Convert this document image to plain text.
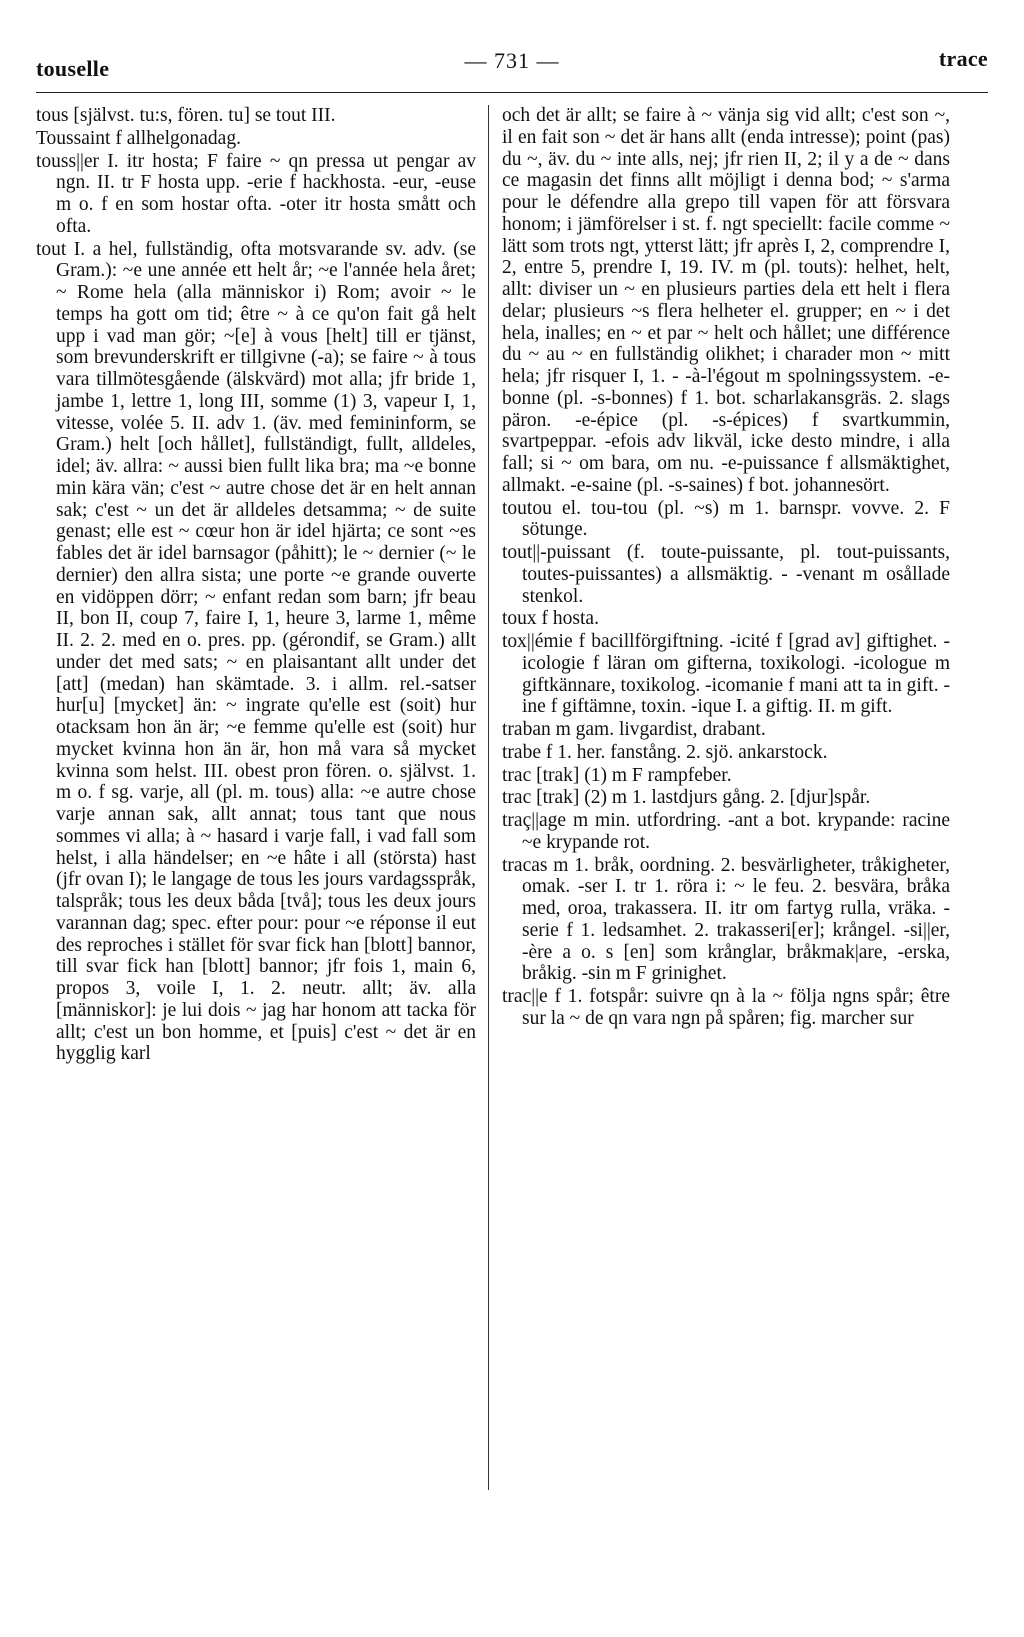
touselle	— 731 —	trace

tous [självst. tu:s, fören. tu] se tout III.

Toussaint f allhelgonadag.

touss||er I. itr hosta; F faire ~ qn pressa ut pengar av ngn. II. tr F hosta upp. -erie f hackhosta. -eur, -euse m o. f en som hostar ofta. -oter itr hosta smått och ofta.

tout I. a hel, fullständig, ofta motsvarande sv. adv. (se Gram.): ~e une année ett helt år; ~e l'année hela året; ~ Rome hela (alla människor i) Rom; avoir ~ le temps ha gott om tid; être ~ à ce qu'on fait gå helt upp i vad man gör; ~[e] à vous [helt] till er tjänst, som brevunderskrift er tillgivne (-a); se faire ~ à tous vara tillmötesgående (älskvärd) mot alla; jfr bride 1, jambe 1, lettre 1, long III, somme (1) 3, vapeur I, 1, vitesse, volée 5. II. adv 1. (äv. med femininform, se Gram.) helt [och hållet], fullständigt, fullt, alldeles, idel; äv. allra: ~ aussi bien fullt lika bra; ma ~e bonne min kära vän; c'est ~ autre chose det är en helt annan sak; c'est ~ un det är alldeles detsamma; ~ de suite genast; elle est ~ cœur hon är idel hjärta; ce sont ~es fables det är idel barnsagor (påhitt); le ~ dernier (~ le dernier) den allra sista; une porte ~e grande ouverte en vidöppen dörr; ~ enfant redan som barn; jfr beau II, bon II, coup 7, faire I, 1, heure 3, larme 1, même II. 2. 2. med en o. pres. pp. (gérondif, se Gram.) allt under det med sats; ~ en plaisantant allt under det [att] (medan) han skämtade. 3. i allm. rel.-satser hur[u] [mycket] än: ~ ingrate qu'elle est (soit) hur otacksam hon än är; ~e femme qu'elle est (soit) hur mycket kvinna hon än är, hon må vara så mycket kvinna som helst. III. obest pron fören. o. självst. 1. m o. f sg. varje, all (pl. m. tous) alla: ~e autre chose varje annan sak, allt annat; tous tant que nous sommes vi alla; à ~ hasard i varje fall, i vad fall som helst, i alla händelser; en ~e hâte i all (största) hast (jfr ovan I); le langage de tous les jours vardagsspråk, talspråk; tous les deux båda [två]; tous les deux jours varannan dag; spec. efter pour: pour ~e réponse il eut des reproches i stället för svar fick han [blott] bannor, till svar fick han [blott] bannor; jfr fois 1, main 6, propos 3, voile I, 1. 2. neutr. allt; äv. alla [människor]: je lui dois ~ jag har honom att tacka för allt; c'est un bon homme, et [puis] c'est ~ det är en hygglig karl

och det är allt; se faire à ~ vänja sig vid allt; c'est son ~, il en fait son ~ det är hans allt (enda intresse); point (pas) du ~, äv. du ~ inte alls, nej; jfr rien II, 2; il y a de ~ dans ce magasin det finns allt möjligt i denna bod; ~ s'arma pour le défendre alla grepo till vapen för att försvara honom; i jämförelser i st. f. ngt speciellt: facile comme ~ lätt som trots ngt, ytterst lätt; jfr après I, 2, comprendre I, 2, entre 5, prendre I, 19. IV. m (pl. touts): helhet, helt, allt: diviser un ~ en plusieurs parties dela ett helt i flera delar; plusieurs ~s flera helheter el. grupper; en ~ i det hela, inalles; en ~ et par ~ helt och hållet; une différence du ~ au ~ en fullständig olikhet; i charader mon ~ mitt hela; jfr risquer I, 1. - -à-l'égout m spolningssystem. -e-bonne (pl. -s-bonnes) f 1. bot. scharlakansgräs. 2. slags päron. -e-épice (pl. -s-épices) f svartkummin, svartpeppar. -efois adv likväl, icke desto mindre, i alla fall; si ~ om bara, om nu. -e-puissance f allsmäktighet, allmakt. -e-saine (pl. -s-saines) f bot. johannesört.

toutou el. tou-tou (pl. ~s) m 1. barnspr. vovve. 2. F sötunge.

tout||-puissant (f. toute-puissante, pl. tout-puissants, toutes-puissantes) a allsmäktig. - -venant m osållade stenkol.

toux f hosta.

tox||émie f bacillförgiftning. -icité f [grad av] giftighet. -icologie f läran om gifterna, toxikologi. -icologue m giftkännare, toxikolog. -icomanie f mani att ta in gift. -ine f giftämne, toxin. -ique I. a giftig. II. m gift.

traban m gam. livgardist, drabant.

trabe f 1. her. fanstång. 2. sjö. ankarstock.

trac [trak] (1) m F rampfeber.

trac [trak] (2) m 1. lastdjurs gång. 2. [djur]spår.

traç||age m min. utfordring. -ant a bot. krypande: racine ~e krypande rot.

tracas m 1. bråk, oordning. 2. besvärligheter, tråkigheter, omak. -ser I. tr 1. röra i: ~ le feu. 2. besvära, bråka med, oroa, trakassera. II. itr om fartyg rulla, vräka. -serie f 1. ledsamhet. 2. trakasseri[er]; krångel. -si||er, -ère a o. s [en] som krånglar, bråkmak|are, -erska, bråkig. -sin m F grinighet.

trac||e f 1. fotspår: suivre qn à la ~ följa ngns spår; être sur la ~ de qn vara ngn på spåren; fig. marcher sur
